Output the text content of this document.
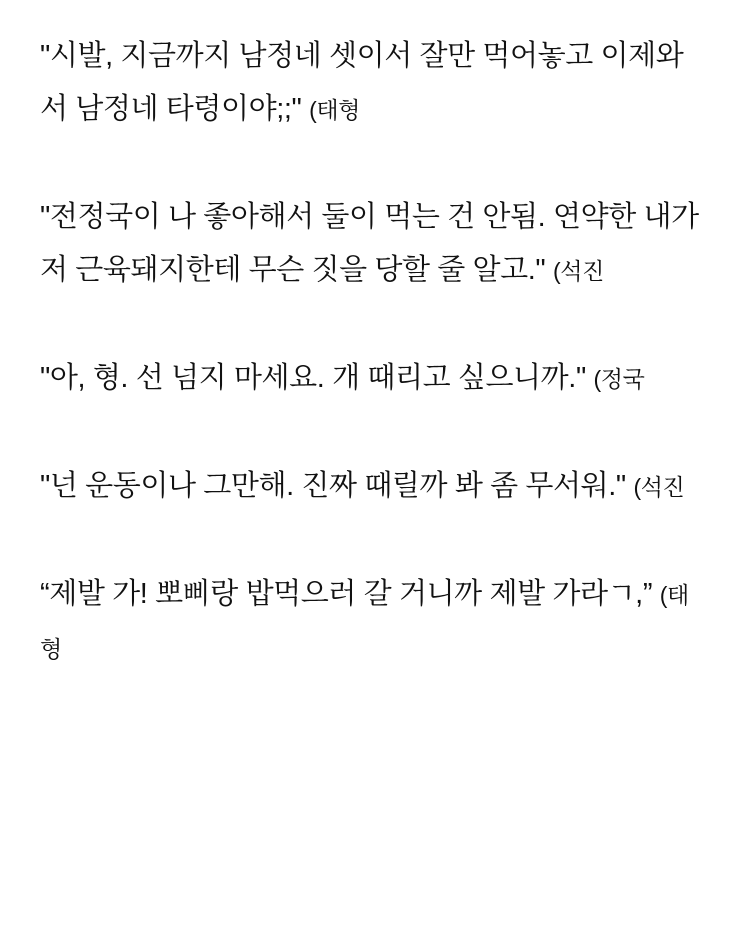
"시발, 지금까지 남정네 셋이서 잘만 먹어놓고 이제와서 남정네 타령이야;;" (태형

"전정국이 나 좋아해서 둘이 먹는 건 안됨. 연약한 내가 저 근육돼지한테 무슨 짓을 당할 줄 알고." (석진

"아, 형. 선 넘지 마세요. 개 때리고 싶으니까." (정국

"넌 운동이나 그만해. 진짜 때릴까 봐 좀 무서워." (석진

“제발 가! 뽀삐랑 밥먹으러 갈 거니까 제발 가라ㄱ,” (태형
